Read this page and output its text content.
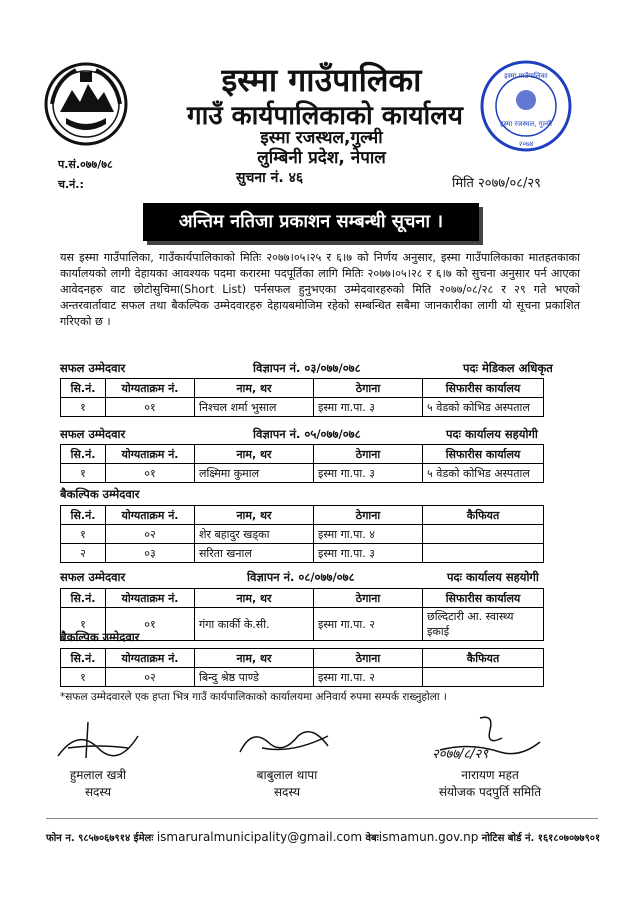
इस्मा गाउँपालिका
गाउँ कार्यपालिकाको कार्यालय
इस्मा रजस्थल,गुल्मी
लुम्बिनी प्रदेश, नेपाल
इस्मा रजस्थल, गुल्मी
२०७४
इस्मा गाउँपालिका
प.सं.०७७/७८
च.नं.:	सुचना नं. ४६	मिति २०७७/०८/२९
अन्तिम नतिजा प्रकाशन सम्बन्धी सूचना ।
यस इस्मा गाउँपालिका, गाउँकार्यपालिकाको मितिः २०७७।०५।२५ र ६।७ को निर्णय अनुसार, इस्मा गाउँपालिकाका मातहतकाका कार्यालयको लागी देहायका आवश्यक पदमा करारमा पदपूर्तिका लागि मितिः २०७७।०५।२८ र ६।७ को सुचना अनुसार पर्न आएका आवेदनहरु वाट छोटोसुचिमा(Short List) पर्नसफल हुनुभएका उम्मेदवारहरुको मिति २०७७/०८/२८ र २९ गते भएको अन्तरवार्तावाट सफल तथा बैकल्पिक उम्मेदवारहरु देहायबमोजिम रहेको सम्बन्धित सबैमा जानकारीका लागी यो सूचना प्रकाशित गरिएको छ ।
सफल उम्मेदवार	विज्ञापन नं. ०३/०७७/०७८	पदः मेडिकल अधिकृत
सि.नं.	योग्यताक्रम नं.	नाम, थर	ठेगाना	सिफारीस कार्यालय
१	०१	निश्चल शर्मा भुसाल	इस्मा गा.पा. ३	५ वेडको कोभिड अस्पताल
सफल उम्मेदवार	विज्ञापन नं. ०५/०७७/०७८	पदः कार्यालय सहयोगी
सि.नं.	योग्यताक्रम नं.	नाम, थर	ठेगाना	सिफारीस कार्यालय
१	०१	लक्ष्मिमा कुमाल	इस्मा गा.पा. ३	५ वेडको कोभिड अस्पताल
बैकल्पिक उम्मेदवार
सि.नं.	योग्यताक्रम नं.	नाम, थर	ठेगाना	कैफियत
१	०२	शेर बहादुर खड्का	इस्मा गा.पा. ४	
२	०३	सरिता खनाल	इस्मा गा.पा. ३	
सफल उम्मेदवार	विज्ञापन नं. ०८/०७७/०७८	पदः कार्यालय सहयोगी
सि.नं.	योग्यताक्रम नं.	नाम, थर	ठेगाना	सिफारीस कार्यालय
१	०१	गंगा कार्की के.सी.	इस्मा गा.पा. २	छल्दिटारी आ. स्वास्थ्य इकाई
बैकल्पिक उम्मेदवार
सि.नं.	योग्यताक्रम नं.	नाम, थर	ठेगाना	कैफियत
१	०२	बिन्दु श्रेष्ठ पाण्डे	इस्मा गा.पा. २	
*सफल उम्मेदवारले एक हप्ता भित्र गाउँ कार्यपालिकाको कार्यालयमा अनिवार्य रुपमा सम्पर्क राख्नुहोला ।
हुमलाल खत्री
सदस्य
बाबुलाल थापा
सदस्य
२०७७/८/२९
नारायण महत
संयोजक पदपुर्ति समिति
फोन न. ९८५७०६७९१४ ईमेलः ismaruralmunicipality@gmail.com वेबःismamun.gov.np नोटिस बोर्ड नं. १६१८०७०७७९०१
